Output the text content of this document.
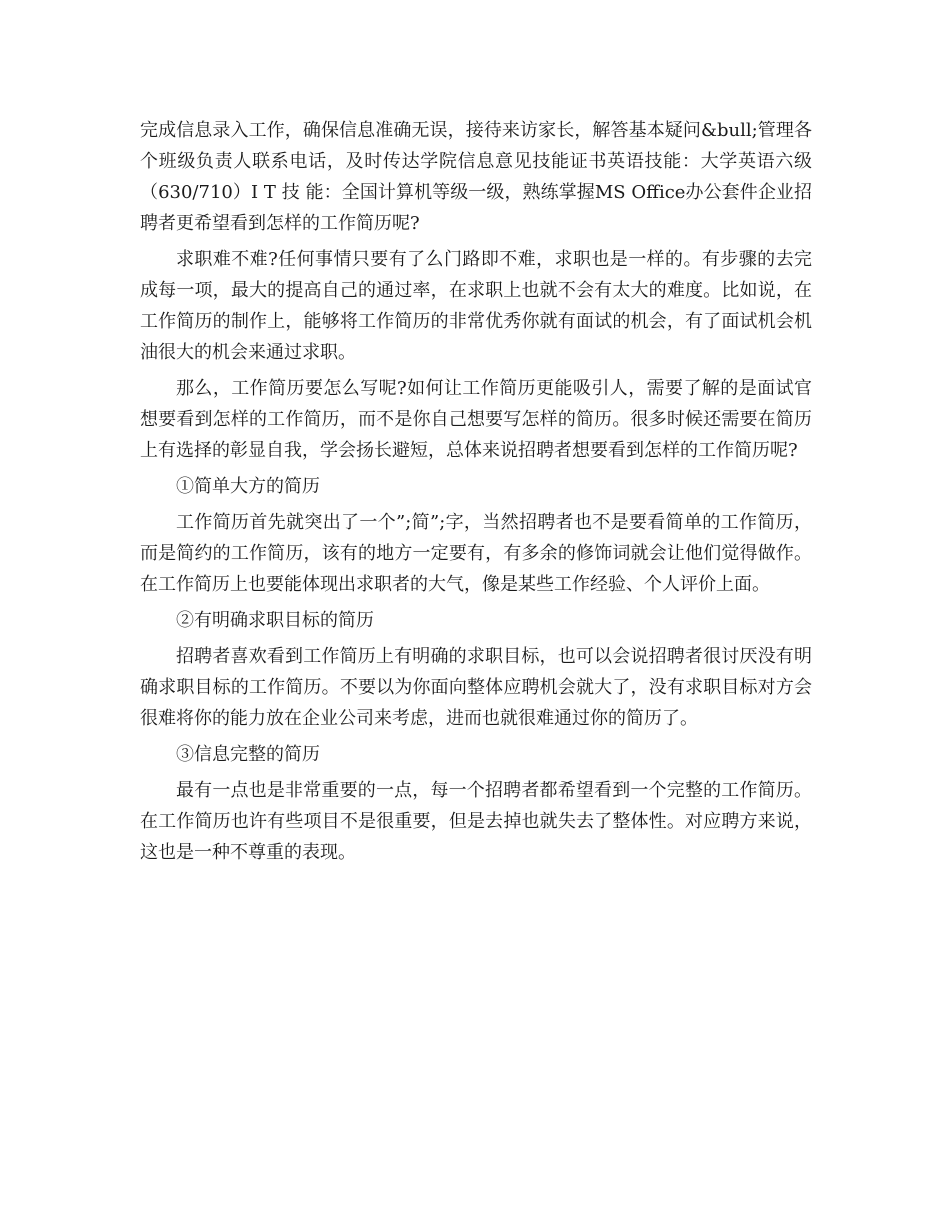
完成信息录入工作，确保信息准确无误，接待来访家长，解答基本疑问&bull;管理各个班级负责人联系电话，及时传达学院信息意见技能证书英语技能：大学英语六级（630/710）I T 技 能：全国计算机等级一级，熟练掌握MS Office办公套件企业招聘者更希望看到怎样的工作简历呢?

求职难不难?任何事情只要有了么门路即不难，求职也是一样的。有步骤的去完成每一项，最大的提高自己的通过率，在求职上也就不会有太大的难度。比如说，在工作简历的制作上，能够将工作简历的非常优秀你就有面试的机会，有了面试机会机油很大的机会来通过求职。

那么，工作简历要怎么写呢?如何让工作简历更能吸引人，需要了解的是面试官想要看到怎样的工作简历，而不是你自己想要写怎样的简历。很多时候还需要在简历上有选择的彰显自我，学会扬长避短，总体来说招聘者想要看到怎样的工作简历呢?

①简单大方的简历

工作简历首先就突出了一个”;简”;字，当然招聘者也不是要看简单的工作简历，而是简约的工作简历，该有的地方一定要有，有多余的修饰词就会让他们觉得做作。在工作简历上也要能体现出求职者的大气，像是某些工作经验、个人评价上面。

②有明确求职目标的简历

招聘者喜欢看到工作简历上有明确的求职目标，也可以会说招聘者很讨厌没有明确求职目标的工作简历。不要以为你面向整体应聘机会就大了，没有求职目标对方会很难将你的能力放在企业公司来考虑，进而也就很难通过你的简历了。

③信息完整的简历

最有一点也是非常重要的一点，每一个招聘者都希望看到一个完整的工作简历。在工作简历也许有些项目不是很重要，但是去掉也就失去了整体性。对应聘方来说，这也是一种不尊重的表现。
